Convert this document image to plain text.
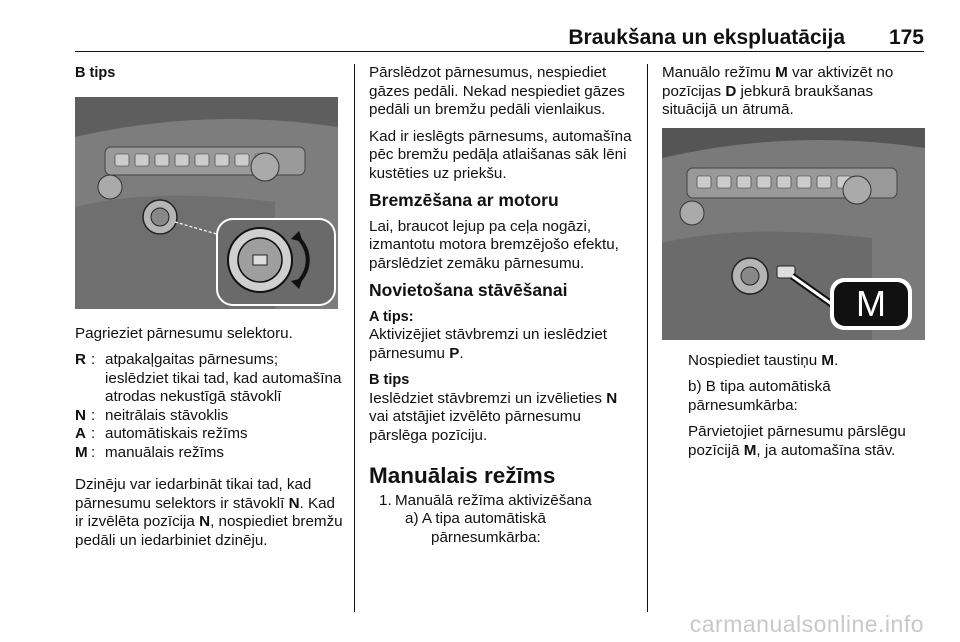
Braukšana un ekspluatācija 175

B tips

Pagrieziet pārnesumu selektoru.

R : atpakaļgaitas pārnesums; ieslēdziet tikai tad, kad automašīna atrodas nekustīgā stāvoklī
N : neitrālais stāvoklis
A : automātiskais režīms
M : manuālais režīms

Dzinēju var iedarbināt tikai tad, kad pārnesumu selektors ir stāvoklī N. Kad ir izvēlēta pozīcija N, nospiediet bremžu pedāli un iedarbiniet dzinēju.

Pārslēdzot pārnesumus, nespiediet gāzes pedāli. Nekad nespiediet gāzes pedāli un bremžu pedāli vienlaikus.

Kad ir ieslēgts pārnesums, automašīna pēc bremžu pedāļa atlaišanas sāk lēni kustēties uz priekšu.

Bremzēšana ar motoru

Lai, braucot lejup pa ceļa nogāzi, izmantotu motora bremzējošo efektu, pārslēdziet zemāku pārnesumu.

Novietošana stāvēšanai

A tips:

Aktivizējiet stāvbremzi un ieslēdziet pārnesumu P.

B tips

Ieslēdziet stāvbremzi un izvēlieties N vai atstājiet izvēlēto pārnesumu pārslēga pozīciju.

Manuālais režīms

1. Manuālā režīma aktivizēšana
a) A tipa automātiskā
pārnesumkārba:

Manuālo režīmu M var aktivizēt no pozīcijas D jebkurā braukšanas situācijā un ātrumā.

M

Nospiediet taustiņu M.

b) B tipa automātiskā pārnesumkārba:

Pārvietojiet pārnesumu pārslēgu pozīcijā M, ja automašīna stāv.

carmanualsonline.info
